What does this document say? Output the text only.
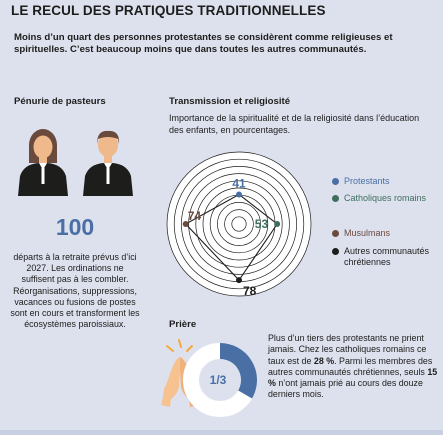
LE RECUL DES PRATIQUES TRADITIONNELLES
Moins d’un quart des personnes protestantes se considèrent comme religieuses et spirituelles. C’est beaucoup moins que dans toutes les autres communautés.
Pénurie de pasteurs
100
départs à la retraite prévus d’ici 2027. Les ordinations ne suffisent pas à les combler. Réorganisations, suppressions, vacances ou fusions de postes sont en cours et transforment les écosystèmes paroissiaux.
Transmission et religiosité
Importance de la spiritualité et de la religiosité dans l’éducation des enfants, en pourcentages.
41
53
78
74
Protestants
Catholiques romains
Musulmans
Autres communautés chrétiennes
Prière
1/3
Plus d’un tiers des protestants ne prient jamais. Chez les catholiques romains ce taux est de 28 %. Parmi les membres des autres communautés chrétiennes, seuls 15 % n’ont jamais prié au cours des douze derniers mois.
